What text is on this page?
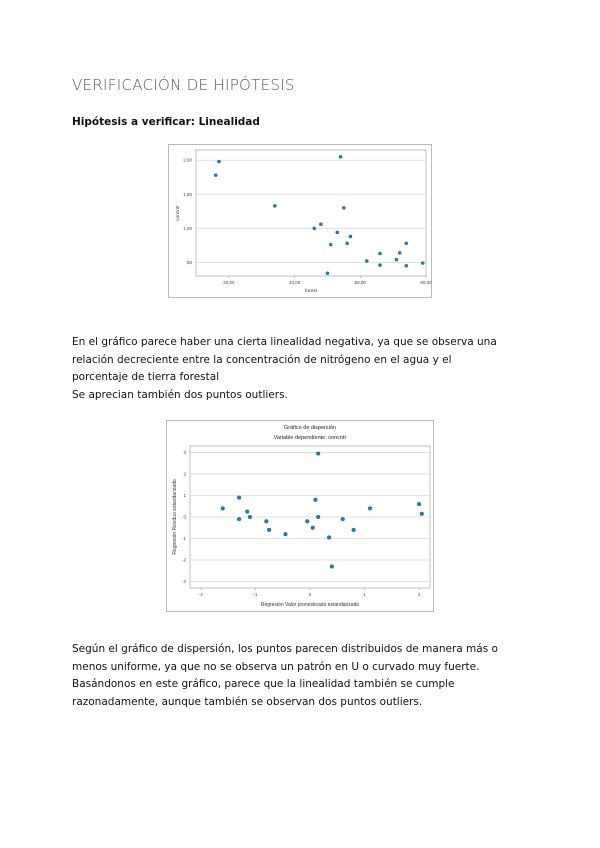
VERIFICACIÓN DE HIPÓTESIS
Hipótesis a verificar: Linealidad
,50
1,00
1,50
2,00
20,00	40,00	60,00	80,00
forest
concntr

En el gráfico parece haber una cierta linealidad negativa, ya que se observa una

relación decreciente entre la concentración de nitrógeno en el agua y el

porcentaje de tierra forestal

Se aprecian también dos puntos outliers.

-3
-2
-1
0
1
2
3
-2	-1	0	1	2
Gráfico de dispersión
Variable dependiente: concntr
Regresión Valor pronosticado estandarizado
Regresión Residuo estandarizado

Según el gráfico de dispersión, los puntos parecen distribuidos de manera más o

menos uniforme, ya que no se observa un patrón en U o curvado muy fuerte.

Basándonos en este gráfico, parece que la linealidad también se cumple

razonadamente, aunque también se observan dos puntos outliers.
